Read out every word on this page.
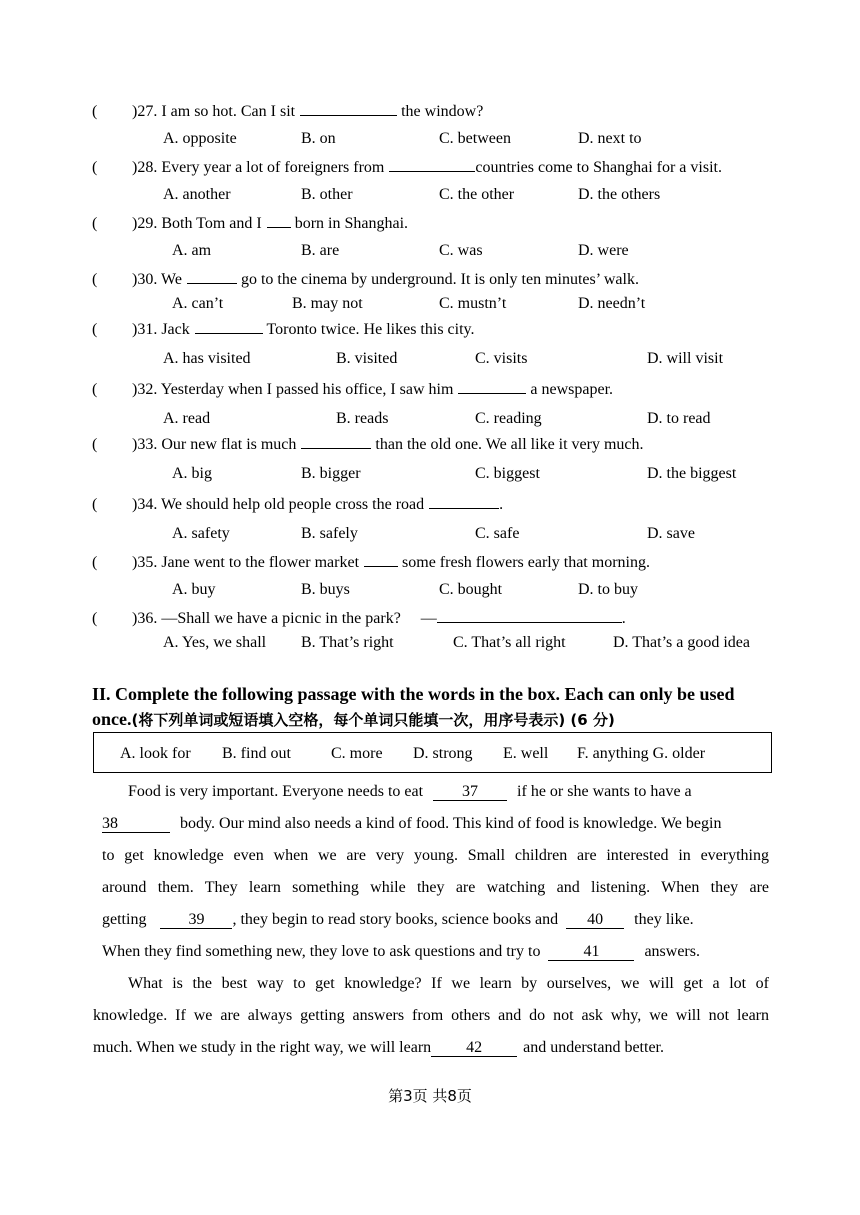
( )27. I am so hot. Can I sit	the window?
A. opposite	B. on	C. between	D. next to
( )28. Every year a lot of foreigners from	countries come to Shanghai for a visit.
A. another	B. other	C. the other	D. the others
( )29. Both Tom and I born in Shanghai.
A. am	B. are	C. was	D. were
( )30. We	go to the cinema by underground. It is only ten minutes’ walk.
A. can’t	B. may not	C. mustn’t	D. needn’t
( )31. Jack	Toronto twice. He likes this city.
A. has visited	B. visited	C. visits	D. will visit
( )32. Yesterday when I passed his office, I saw him	a newspaper.
A. read	B. reads	C. reading	D. to read
( )33. Our new flat is much	than the old one. We all like it very much.
A. big	B. bigger	C. biggest	D. the biggest
( )34. We should help old people cross the road	.
A. safety	B. safely	C. safe	D. save
( )35. Jane went to the flower market some fresh flowers early that morning.
A. buy	B. buys	C. bought	D. to buy
( )36. —Shall we have a picnic in the park? —	.
A. Yes, we shall B. That’s right	C. That’s all right	D. That’s a good idea
II. Complete the following passage with the words in the box. Each can only be used once.(将下列单词或短语填入空格，每个单词只能填一次，用序号表示) (6 分)
A. look for B. find out	C. more D. strong E. well F. anything G. older
Food is very important. Everyone needs to eat 37 if he or she wants to have a
38	body. Our mind also needs a kind of food. This kind of food is knowledge. We begin
to get knowledge even when we are very young. Small children are interested in everything
around them. They learn something while they are watching and listening. When they are
getting	39 , they begin to read story books, science books and 40 they like.
When they find something new, they love to ask questions and try to	41	answers.
What is the best way to get knowledge? If we learn by ourselves, we will get a lot of
knowledge. If we are always getting answers from others and do not ask why, we will not learn
much. When we study in the right way, we will learn 42	and understand better.
第3页 共8页
